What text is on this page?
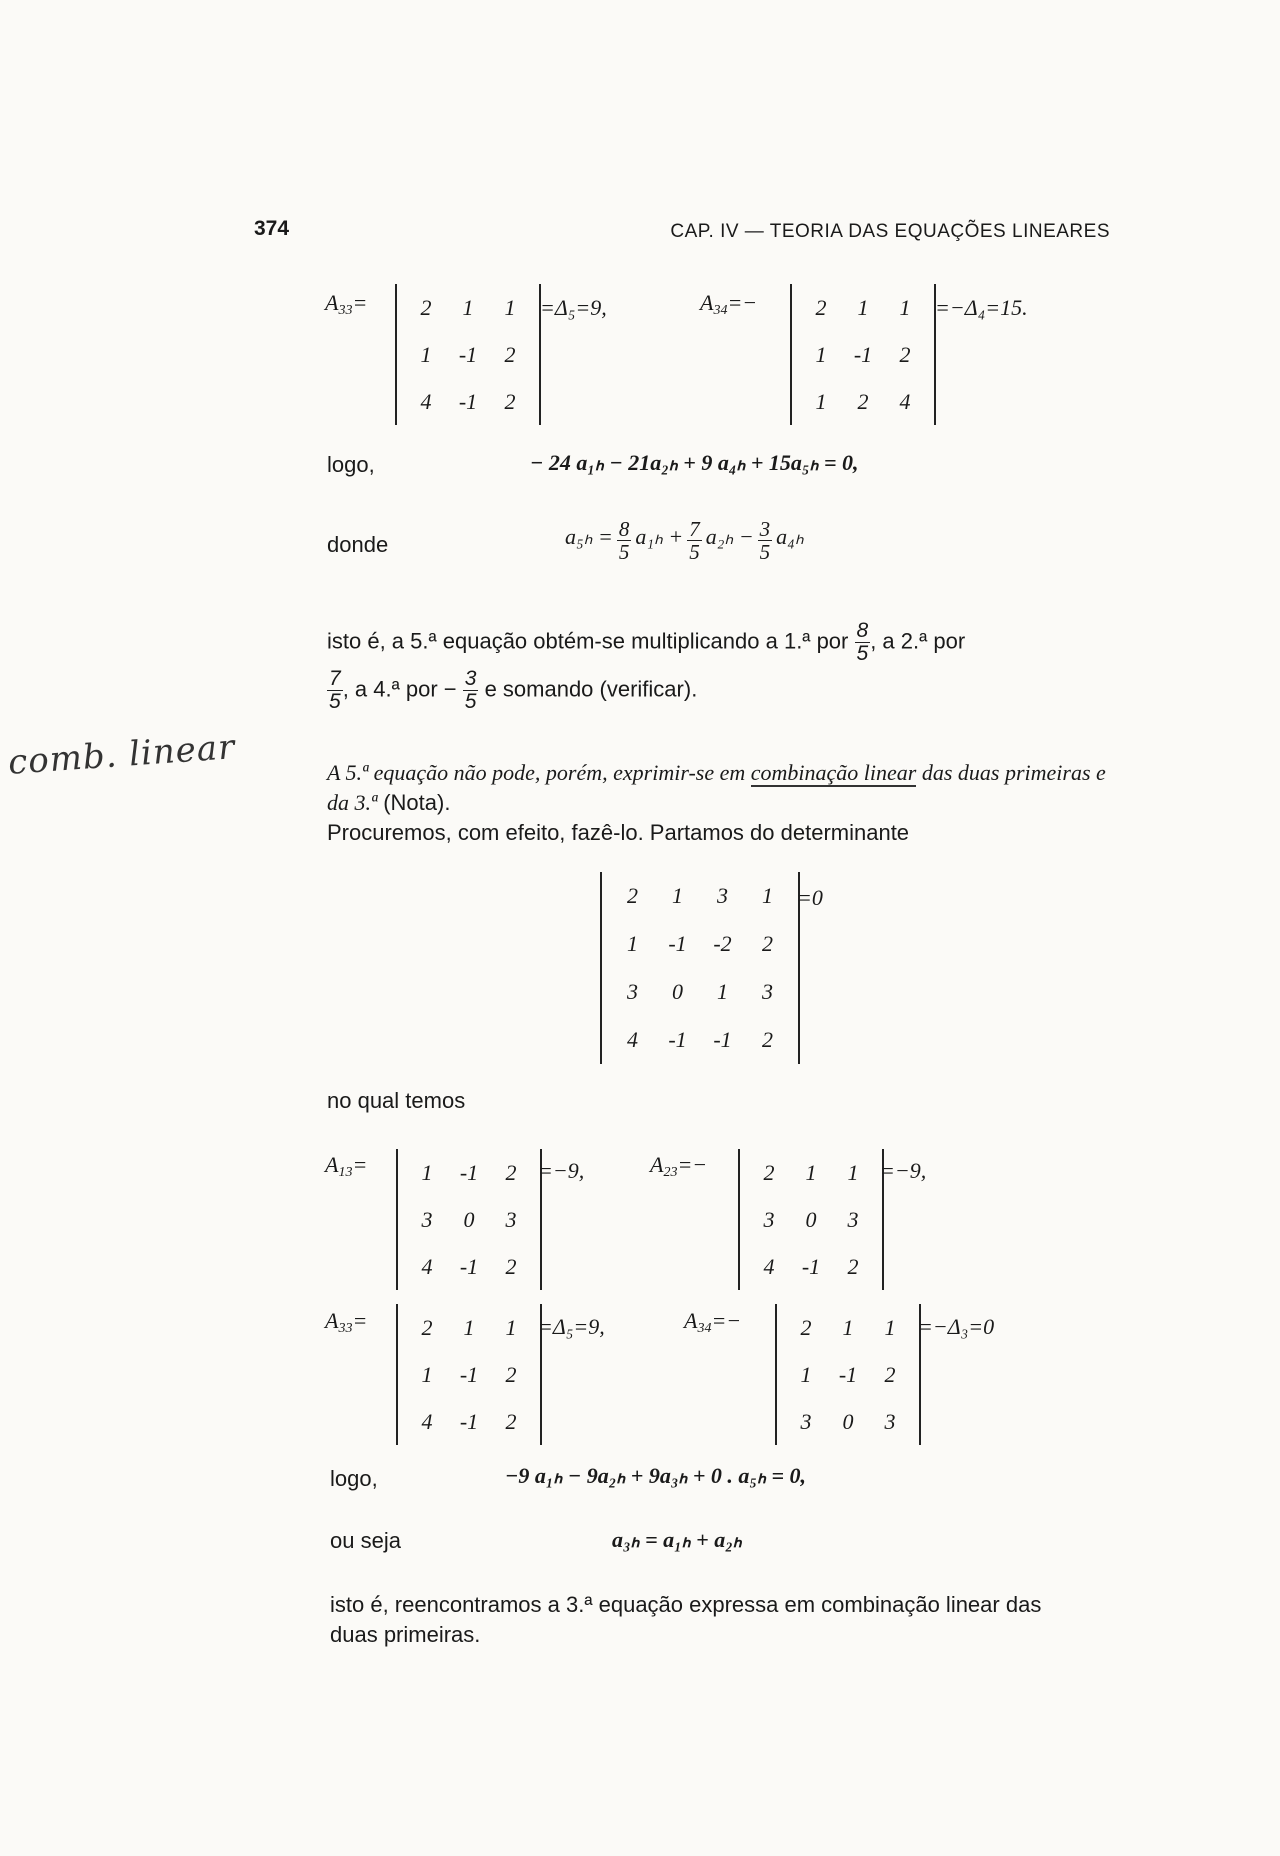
374	CAP. IV — TEORIA DAS EQUAÇÕES LINEARES
$A_{33}= 2$	1	1
1	-1	2
4	-1	2
=Δ₅=9,	$A_{34}=-$	2	1	1
1	-1	2
1	2	4
=−Δ₄=15.
logo,	− 24 a₁ₕ − 21a₂ₕ + 9 a₄ₕ + 15a₅ₕ = 0,
donde	$a_{5h} = \frac{8}{5} a_{1h} + \frac{7}{5} a_{2h} - \frac{3}{5} a_{4h}$
isto é, a 5.ª equação obtém-se multiplicando a 1.ª por $\frac{8}{5}$ , a 2.ª por
$\frac{7}{5}$ , a 4.ª por − $\frac{3}{5}$ e somando (verificar).
comb. linear	A 5.ª equação não pode, porém, exprimir-se em combinação linear das duas primeiras e da 3.ª (Nota).
Procuremos, com efeito, fazê-lo. Partamos do determinante
2	1	3	1
1	-1	-2	2
3	0	1	3
4	-1	-1	2
=0
no qual temos
$A_{13}= 1$	-1	2
3	0	3
4	-1	2
=−9,	$A_{23}=-$	2	1	1
3	0	3
4	-1	2
=−9,
$A_{33}= 2$	1	1
1	-1	2
4	-1	2
=Δ₅=9,	$A_{34}=-$	2	1	1
1	-1	2
3	0	3
=−Δ₃=0
logo,	−9 a₁ₕ − 9a₂ₕ + 9a₃ₕ + 0 . a₅ₕ = 0,
ou seja	a₃ₕ = a₁ₕ + a₂ₕ
isto é, reencontramos a 3.ª equação expressa em combinação linear das
duas primeiras.
